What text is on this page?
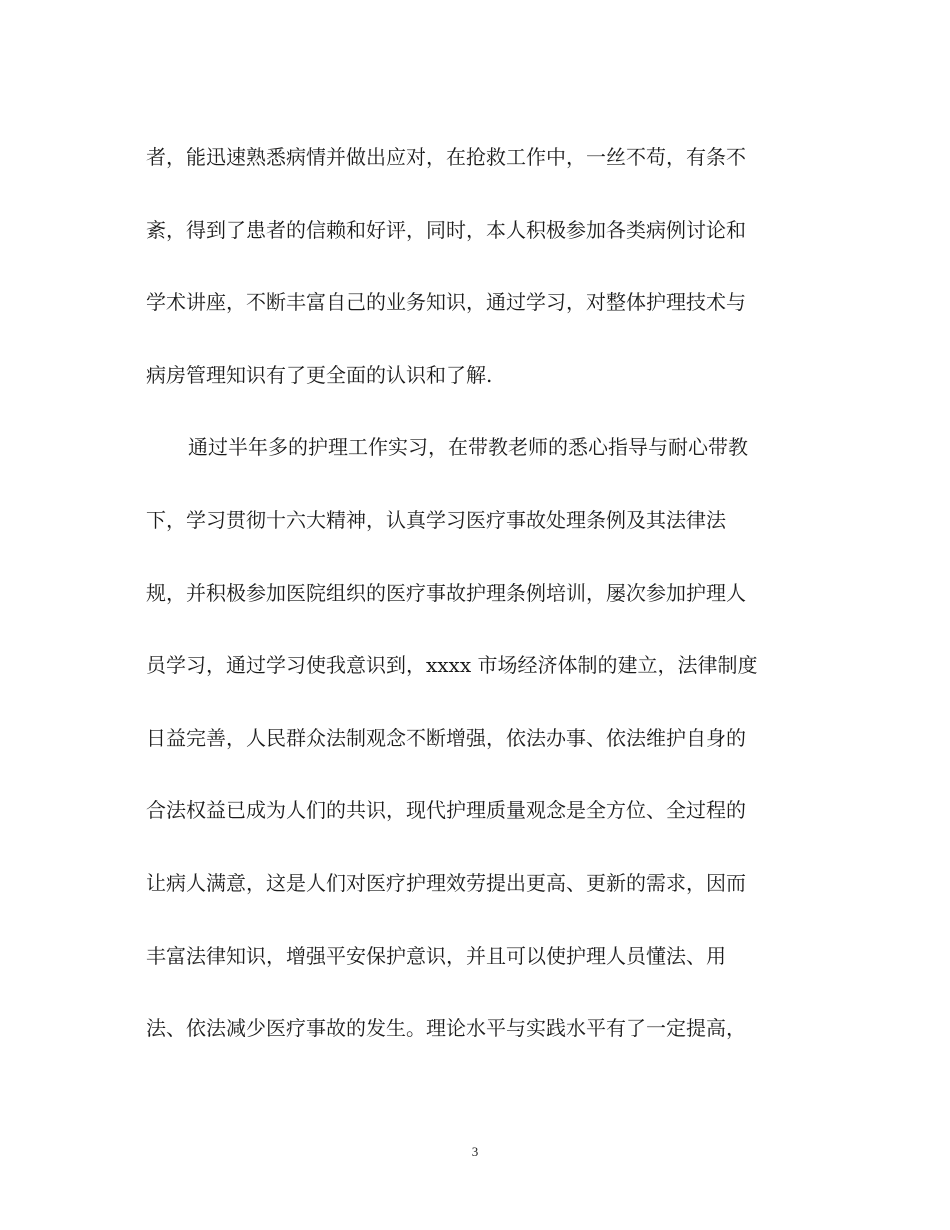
者，能迅速熟悉病情并做出应对，在抢救工作中，一丝不苟，有条不
紊，得到了患者的信赖和好评，同时，本人积极参加各类病例讨论和
学术讲座，不断丰富自己的业务知识，通过学习，对整体护理技术与
病房管理知识有了更全面的认识和了解.
通过半年多的护理工作实习，在带教老师的悉心指导与耐心带教
下，学习贯彻十六大精神，认真学习医疗事故处理条例及其法律法
规，并积极参加医院组织的医疗事故护理条例培训，屡次参加护理人
员学习，通过学习使我意识到，xxxx 市场经济体制的建立，法律制度
日益完善，人民群众法制观念不断增强，依法办事、依法维护自身的
合法权益已成为人们的共识，现代护理质量观念是全方位、全过程的
让病人满意，这是人们对医疗护理效劳提出更高、更新的需求，因而
丰富法律知识，增强平安保护意识，并且可以使护理人员懂法、用
法、依法减少医疗事故的发生。理论水平与实践水平有了一定提高，
3
